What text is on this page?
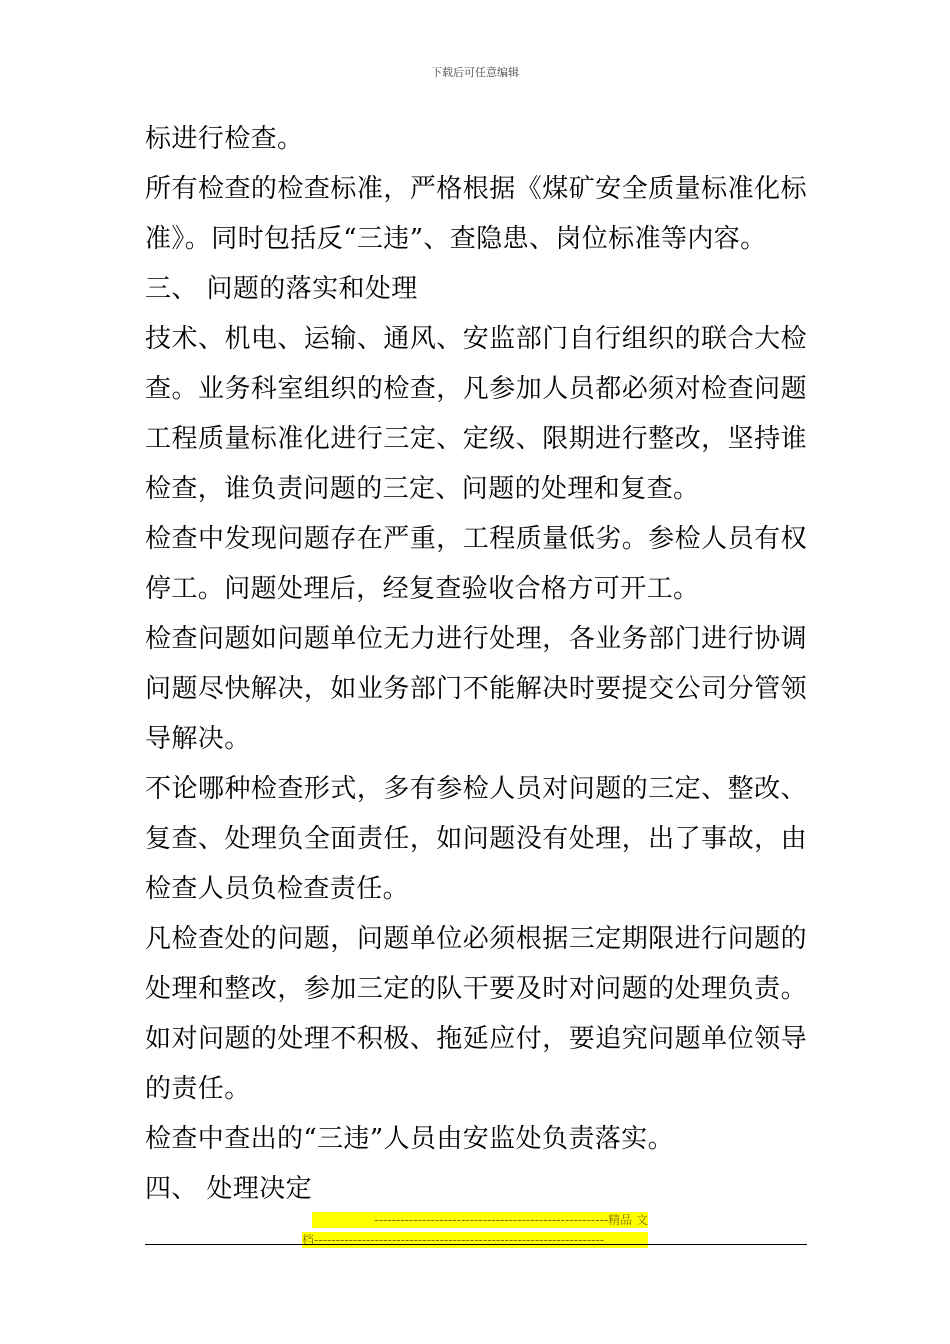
下载后可任意编辑
标进行检查。
所有检查的检查标准，严格根据《煤矿安全质量标准化标
准》。同时包括反“三违”、查隐患、岗位标准等内容。
三、 问题的落实和处理
技术、机电、运输、通风、安监部门自行组织的联合大检
查。业务科室组织的检查，凡参加人员都必须对检查问题
工程质量标准化进行三定、定级、限期进行整改，坚持谁
检查，谁负责问题的三定、问题的处理和复查。
检查中发现问题存在严重，工程质量低劣。参检人员有权
停工。问题处理后，经复查验收合格方可开工。
检查问题如问题单位无力进行处理，各业务部门进行协调
问题尽快解决，如业务部门不能解决时要提交公司分管领
导解决。
不论哪种检查形式，多有参检人员对问题的三定、整改、
复查、处理负全面责任，如问题没有处理，出了事故，由
检查人员负检查责任。
凡检查处的问题，问题单位必须根据三定期限进行问题的
处理和整改，参加三定的队干要及时对问题的处理负责。
如对问题的处理不积极、拖延应付，要追究问题单位领导
的责任。
检查中查出的“三违”人员由安监处负责落实。
四、 处理决定
------------------------------------------------------精品 文
档-------------------------------------------------------------------
